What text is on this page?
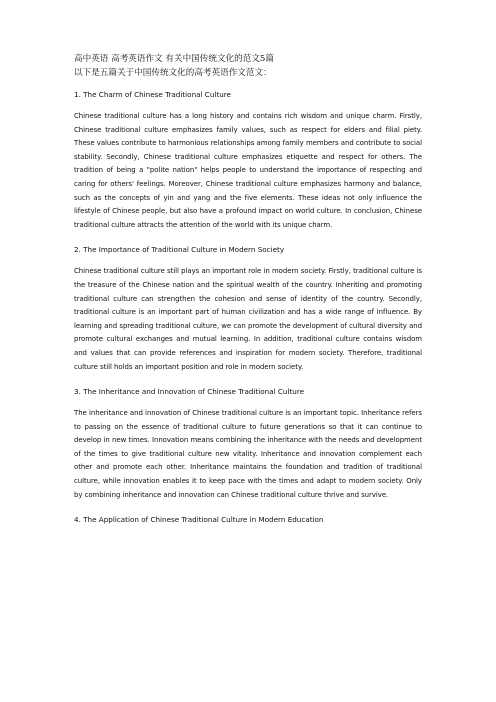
高中英语 高考英语作文 有关中国传统文化的范文5篇
以下是五篇关于中国传统文化的高考英语作文范文：
1. The Charm of Chinese Traditional Culture

Chinese traditional culture has a long history and contains rich wisdom and unique charm. Firstly, Chinese traditional culture emphasizes family values, such as respect for elders and filial piety. These values contribute to harmonious relationships among family members and contribute to social stability. Secondly, Chinese traditional culture emphasizes etiquette and respect for others. The tradition of being a "polite nation" helps people to understand the importance of respecting and caring for others' feelings. Moreover, Chinese traditional culture emphasizes harmony and balance, such as the concepts of yin and yang and the five elements. These ideas not only influence the lifestyle of Chinese people, but also have a profound impact on world culture. In conclusion, Chinese traditional culture attracts the attention of the world with its unique charm.

2. The Importance of Traditional Culture in Modern Society

Chinese traditional culture still plays an important role in modern society. Firstly, traditional culture is the treasure of the Chinese nation and the spiritual wealth of the country. Inheriting and promoting traditional culture can strengthen the cohesion and sense of identity of the country. Secondly, traditional culture is an important part of human civilization and has a wide range of influence. By learning and spreading traditional culture, we can promote the development of cultural diversity and promote cultural exchanges and mutual learning. In addition, traditional culture contains wisdom and values that can provide references and inspiration for modern society. Therefore, traditional culture still holds an important position and role in modern society.

3. The Inheritance and Innovation of Chinese Traditional Culture

The inheritance and innovation of Chinese traditional culture is an important topic. Inheritance refers to passing on the essence of traditional culture to future generations so that it can continue to develop in new times. Innovation means combining the inheritance with the needs and development of the times to give traditional culture new vitality. Inheritance and innovation complement each other and promote each other. Inheritance maintains the foundation and tradition of traditional culture, while innovation enables it to keep pace with the times and adapt to modern society. Only by combining inheritance and innovation can Chinese traditional culture thrive and survive.

4. The Application of Chinese Traditional Culture in Modern Education
